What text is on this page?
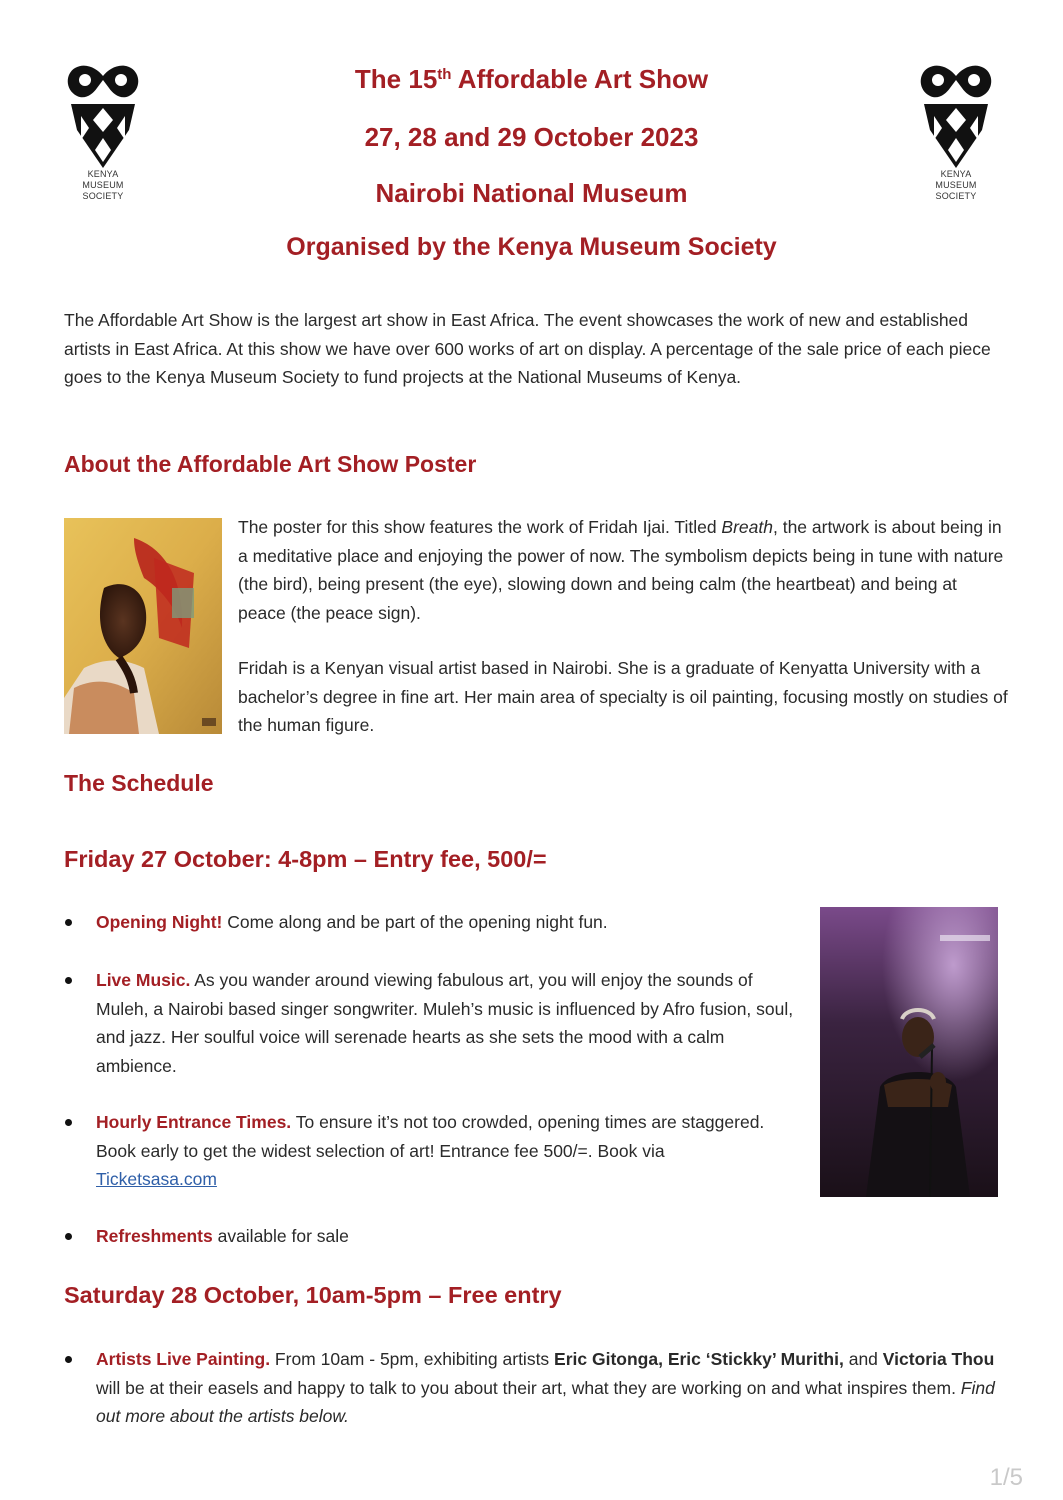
KENYA
MUSEUM
SOCIETY
KENYA
MUSEUM
SOCIETY
The 15th Affordable Art Show
27, 28 and 29 October 2023
Nairobi National Museum
Organised by the Kenya Museum Society

The Affordable Art Show is the largest art show in East Africa. The event showcases the work of new and established artists in East Africa. At this show we have over 600 works of art on display. A percentage of the sale price of each piece goes to the Kenya Museum Society to fund projects at the National Museums of Kenya.

About the Affordable Art Show Poster

The poster for this show features the work of Fridah Ijai. Titled Breath, the artwork is about being in a meditative place and enjoying the power of now. The symbolism depicts being in tune with nature (the bird), being present (the eye), slowing down and being calm (the heartbeat) and being at peace (the peace sign).

Fridah is a Kenyan visual artist based in Nairobi. She is a graduate of Kenyatta University with a bachelor’s degree in fine art. Her main area of specialty is oil painting, focusing mostly on studies of the human figure.

The Schedule
Friday 27 October: 4-8pm – Entry fee, 500/=

Opening Night! Come along and be part of the opening night fun.

Live Music. As you wander around viewing fabulous art, you will enjoy the sounds of Muleh, a Nairobi based singer songwriter. Muleh’s music is influenced by Afro fusion, soul, and jazz. Her soulful voice will serenade hearts as she sets the mood with a calm ambience.

Hourly Entrance Times. To ensure it’s not too crowded, opening times are staggered. Book early to get the widest selection of art! Entrance fee 500/=. Book via Ticketsasa.com

Refreshments available for sale

Saturday 28 October, 10am-5pm – Free entry

Artists Live Painting. From 10am - 5pm, exhibiting artists Eric Gitonga, Eric ‘Stickky’ Murithi, and Victoria Thou will be at their easels and happy to talk to you about their art, what they are working on and what inspires them. Find out more about the artists below.

1/5
